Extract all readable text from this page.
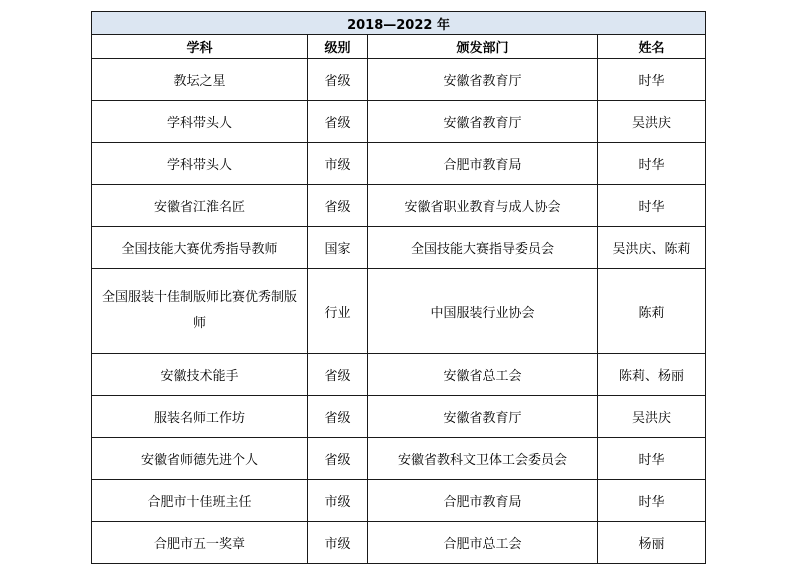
2018—2022 年			
学科	级别	颁发部门	姓名
教坛之星	省级	安徽省教育厅	时华
学科带头人	省级	安徽省教育厅	吴洪庆
学科带头人	市级	合肥市教育局	时华
安徽省江淮名匠	省级	安徽省职业教育与成人协会	时华
全国技能大赛优秀指导教师	国家	全国技能大赛指导委员会	吴洪庆、陈莉
全国服装十佳制版师比赛优秀制版师	行业	中国服装行业协会	陈莉
安徽技术能手	省级	安徽省总工会	陈莉、杨丽
服装名师工作坊	省级	安徽省教育厅	吴洪庆
安徽省师德先进个人	省级	安徽省教科文卫体工会委员会	时华
合肥市十佳班主任	市级	合肥市教育局	时华
合肥市五一奖章	市级	合肥市总工会	杨丽
